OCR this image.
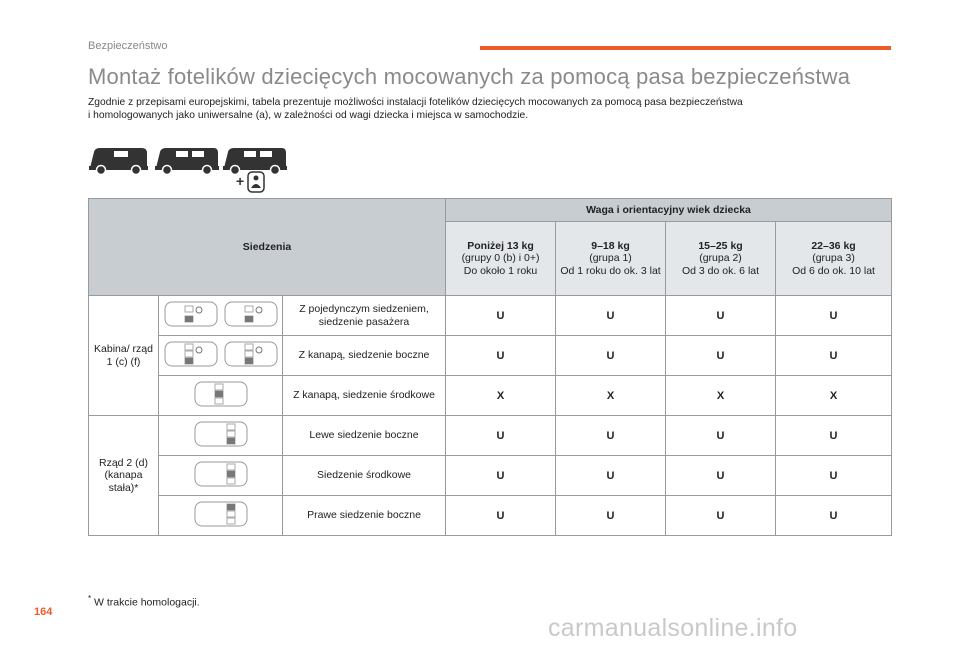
Bezpieczeństwo
Montaż fotelików dziecięcych mocowanych za pomocą pasa bezpieczeństwa
Zgodnie z przepisami europejskimi, tabela prezentuje możliwości instalacji fotelików dziecięcych mocowanych za pomocą pasa bezpieczeństwa
i homologowanych jako uniwersalne (a), w zależności od wagi dziecka i miejsca w samochodzie.
+
Siedzenia			Waga i orientacyjny wiek dziecka			

			Poniżej 13 kg
(grupy 0 (b) i 0+)
Do około 1 roku	9–18 kg
(grupa 1)
Od 1 roku do ok. 3 lat	15–25 kg
(grupa 2)
Od 3 do ok. 6 lat	22–36 kg
(grupa 3)
Od 6 do ok. 10 lat

Kabina/ rząd 1 (c) (f)		Z pojedynczym siedzeniem, siedzenie pasażera	U	U	U	U
	Z kanapą, siedzenie boczne	U	U	U	U
	Z kanapą, siedzenie środkowe	X	X	X	X
Rząd 2 (d) (kanapa stała)*		Lewe siedzenie boczne	U	U	U	U
	Siedzenie środkowe	U	U	U	U
	Prawe siedzenie boczne	U	U	U	U
* W trakcie homologacji.
164
carmanualsonline.info
